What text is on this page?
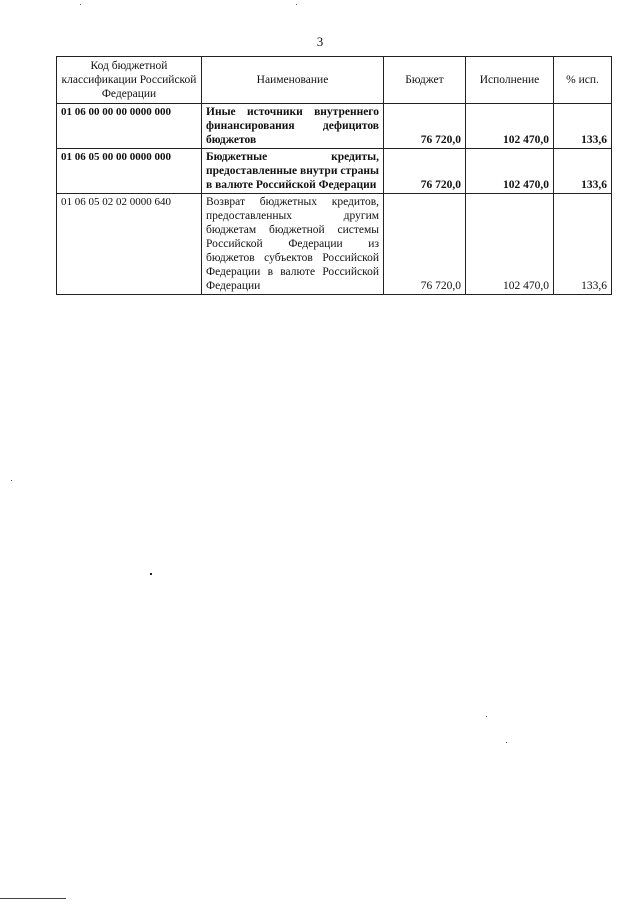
3
Код бюджетной классификации Российской Федерации	Наименование	Бюджет	Исполнение	% исп.
01 06 00 00 00 0000 000	Иные источники внутреннего финансирования дефицитов бюджетов	76 720,0	102 470,0	133,6
01 06 05 00 00 0000 000	Бюджетные кредиты, предоставленные внутри страны в валюте Российской Федерации	76 720,0	102 470,0	133,6
01 06 05 02 02 0000 640	Возврат бюджетных кредитов, предоставленных другим бюджетам бюджетной системы Российской Федерации из бюджетов субъектов Российской Федерации в валюте Российской Федерации	76 720,0	102 470,0	133,6
